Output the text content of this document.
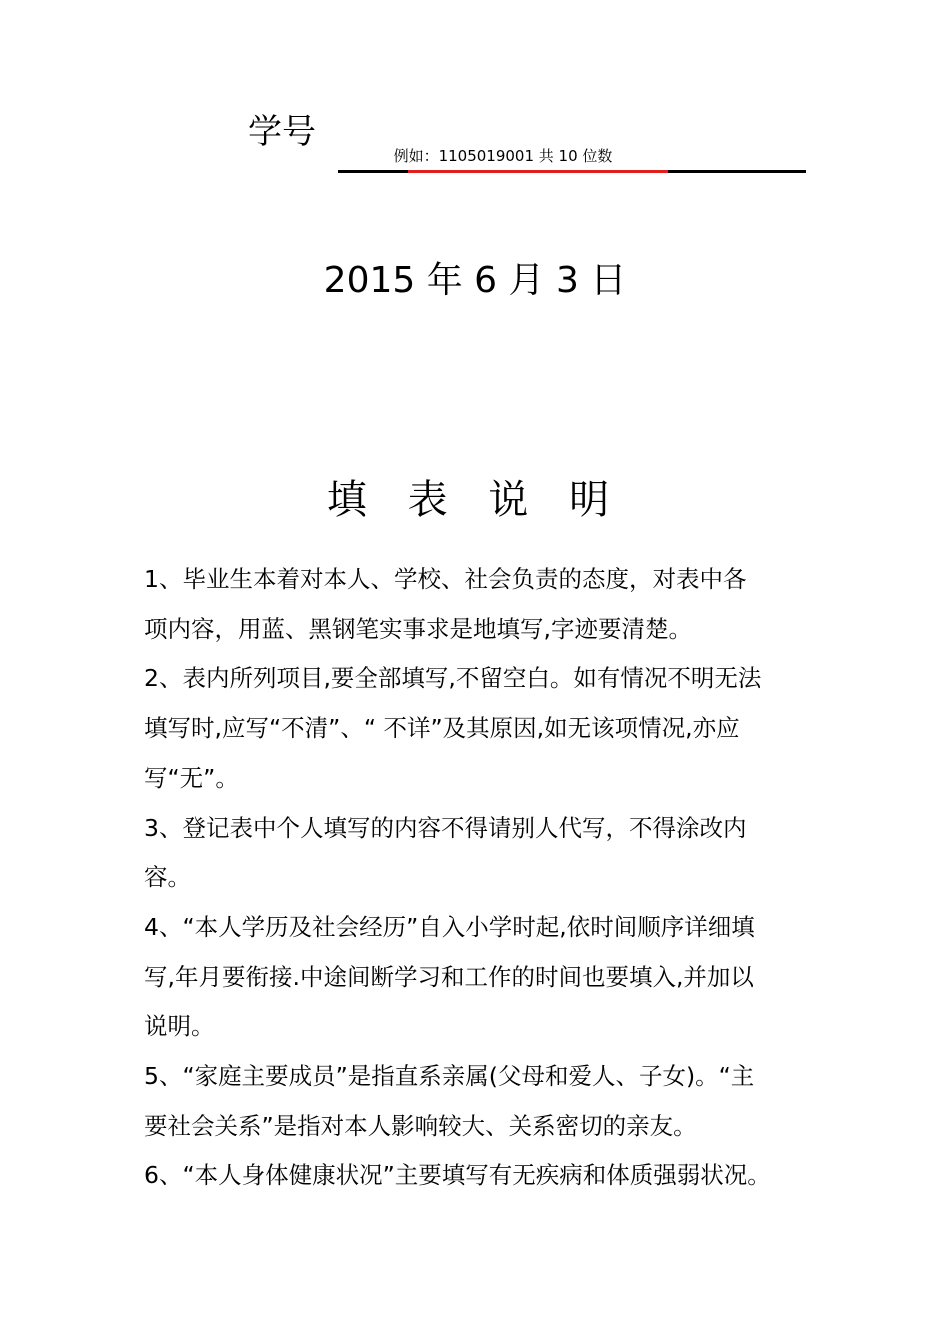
学号
例如：1105019001 共 10 位数
2015 年 6 月 3 日
填 表 说 明
1、毕业生本着对本人、学校、社会负责的态度，对表中各
项内容，用蓝、黑钢笔实事求是地填写,字迹要清楚。
2、表内所列项目,要全部填写,不留空白。如有情况不明无法
填写时,应写“不清”、“ 不详”及其原因,如无该项情况,亦应
写“无”。
3、登记表中个人填写的内容不得请别人代写，不得涂改内
容。
4、“本人学历及社会经历”自入小学时起,依时间顺序详细填
写,年月要衔接.中途间断学习和工作的时间也要填入,并加以
说明。
5、“家庭主要成员”是指直系亲属(父母和爱人、子女)。“主
要社会关系”是指对本人影响较大、关系密切的亲友。
6、“本人身体健康状况”主要填写有无疾病和体质强弱状况。
